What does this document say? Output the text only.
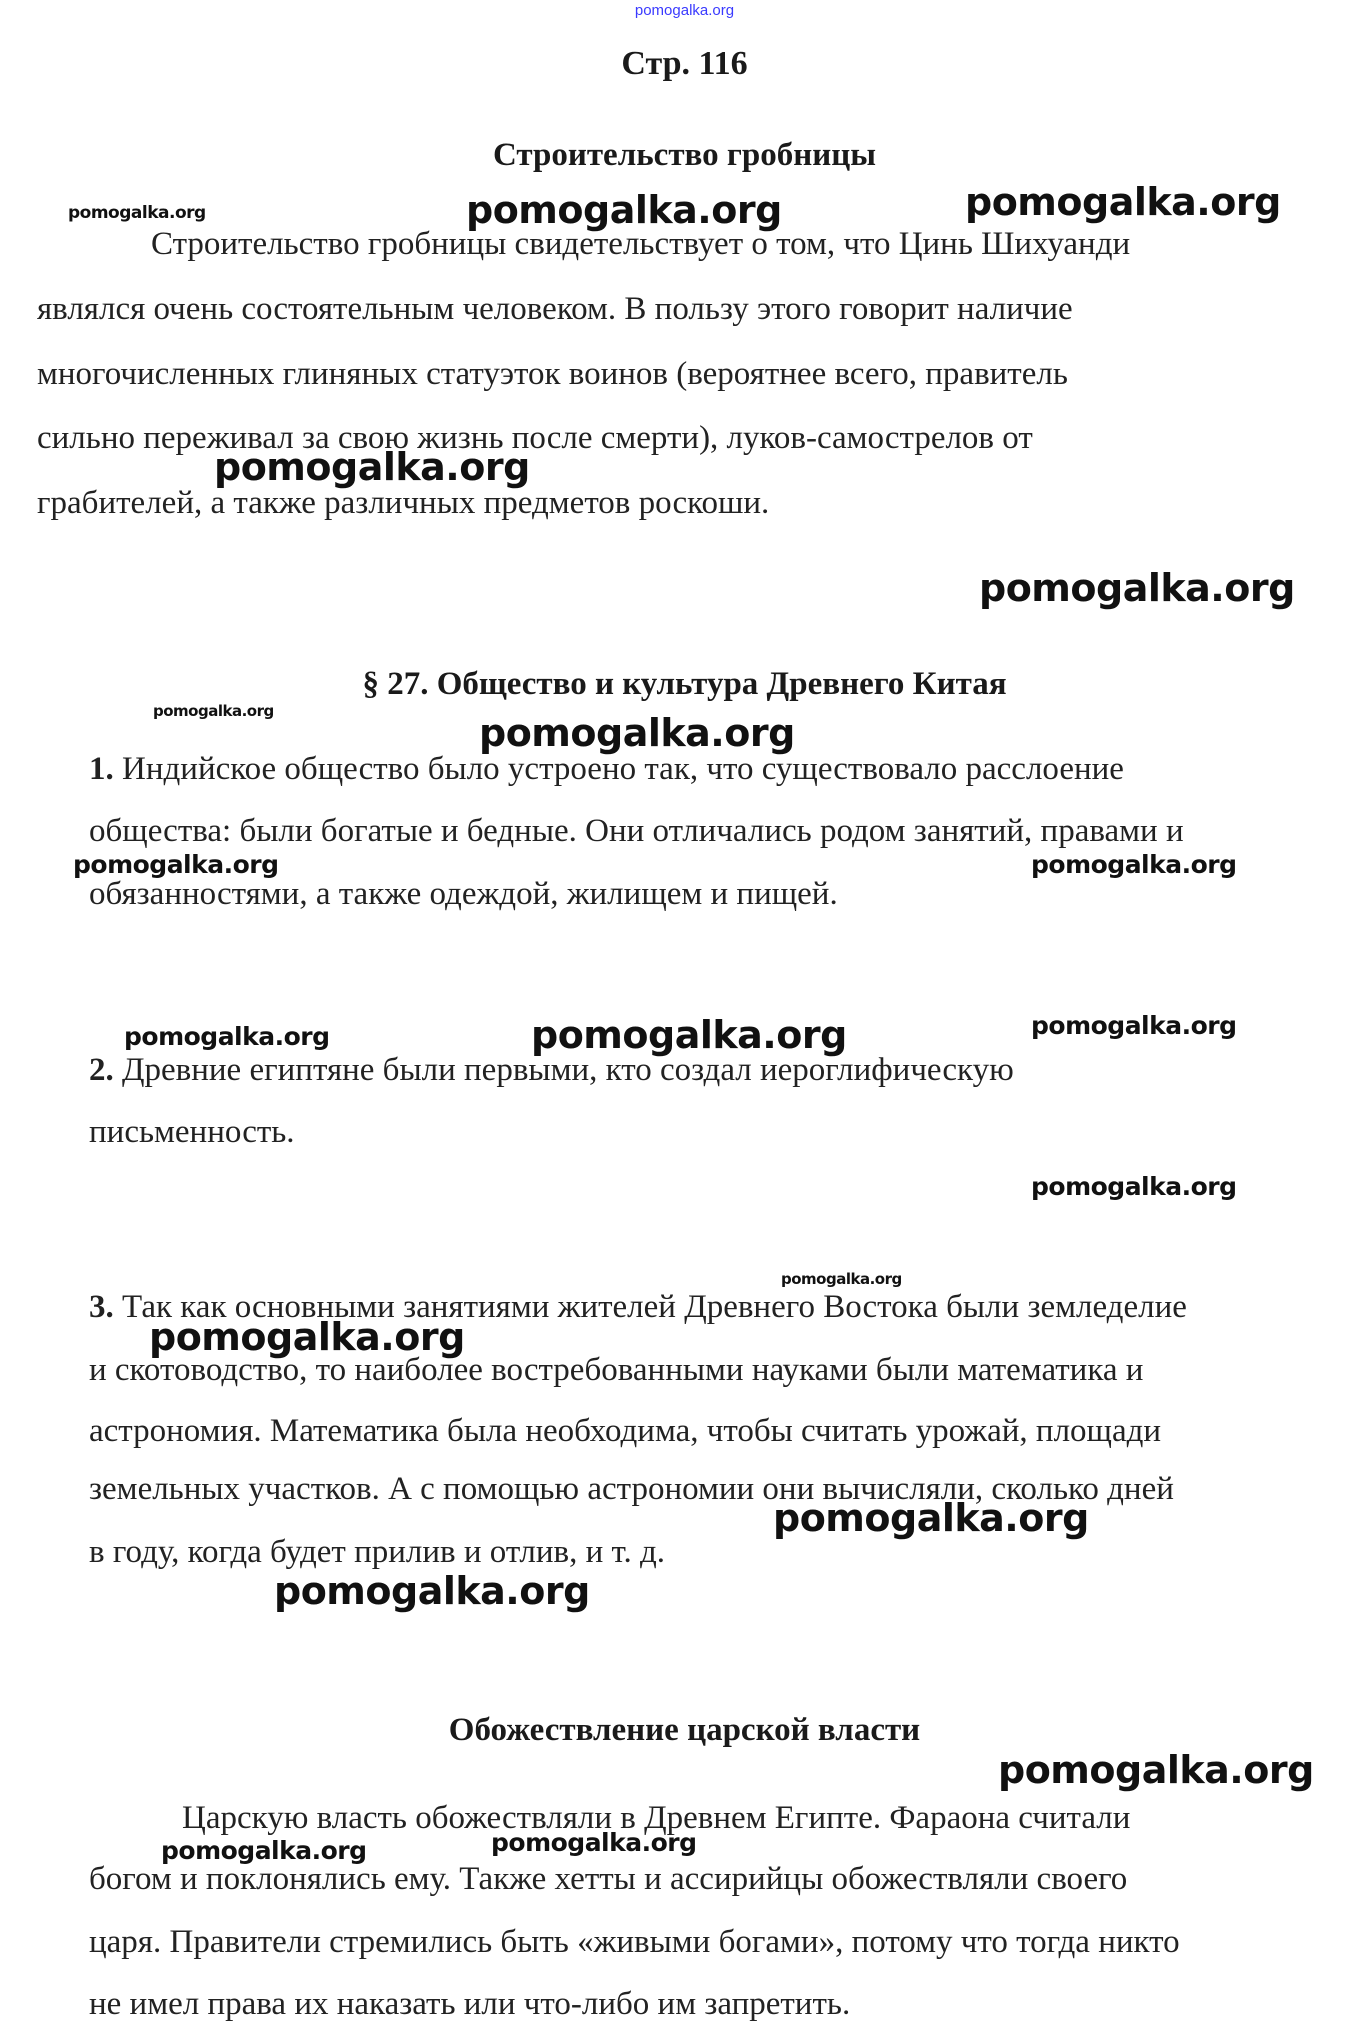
pomogalka.org
Стр. 116
Строительство гробницы
Строительство гробницы свидетельствует о том, что Цинь Шихуанди
являлся очень состоятельным человеком. В пользу этого говорит наличие
многочисленных глиняных статуэток воинов (вероятнее всего, правитель
сильно переживал за свою жизнь после смерти), луков-самострелов от
грабителей, а также различных предметов роскоши.
§ 27. Общество и культура Древнего Китая
1. Индийское общество было устроено так, что существовало расслоение
общества: были богатые и бедные. Они отличались родом занятий, правами и
обязанностями, а также одеждой, жилищем и пищей.
2. Древние египтяне были первыми, кто создал иероглифическую
письменность.
3. Так как основными занятиями жителей Древнего Востока были земледелие
и скотоводство, то наиболее востребованными науками были математика и
астрономия. Математика была необходима, чтобы считать урожай, площади
земельных участков. А с помощью астрономии они вычисляли, сколько дней
в году, когда будет прилив и отлив, и т. д.
Обожествление царской власти
Царскую власть обожествляли в Древнем Египте. Фараона считали
богом и поклонялись ему. Также хетты и ассирийцы обожествляли своего
царя. Правители стремились быть «живыми богами», потому что тогда никто
не имел права их наказать или что-либо им запретить.
pomogalka.org	pomogalka.org	pomogalka.org
pomogalka.org
pomogalka.org
pomogalka.org	pomogalka.org
pomogalka.org	pomogalka.org
pomogalka.org	pomogalka.org	pomogalka.org
pomogalka.org
pomogalka.org
pomogalka.org
pomogalka.org
pomogalka.org
pomogalka.org
pomogalka.org	pomogalka.org
